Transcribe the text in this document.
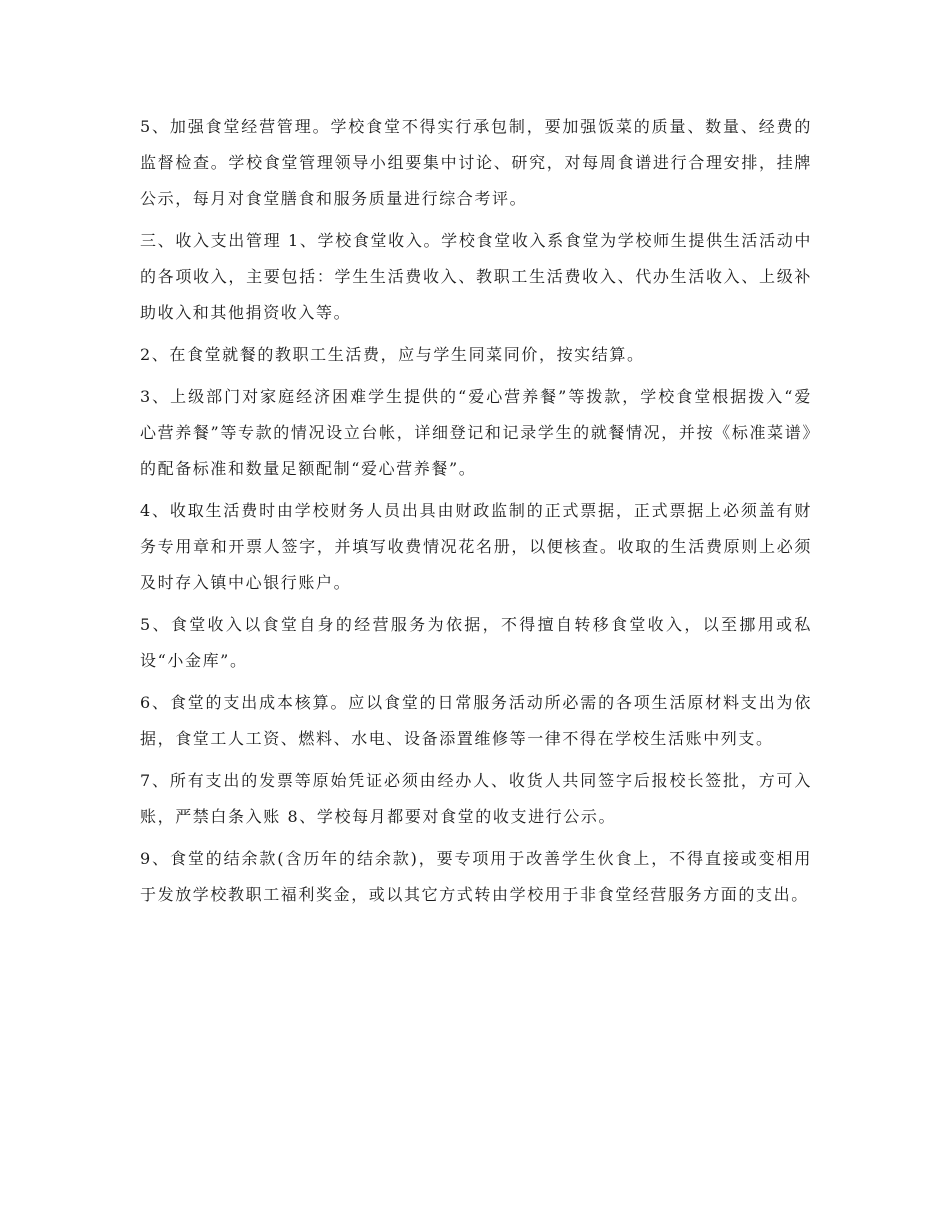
5、加强食堂经营管理。学校食堂不得实行承包制，要加强饭菜的质量、数量、经费的监督检查。学校食堂管理领导小组要集中讨论、研究，对每周食谱进行合理安排，挂牌公示，每月对食堂膳食和服务质量进行综合考评。

三、收入支出管理 1、学校食堂收入。学校食堂收入系食堂为学校师生提供生活活动中的各项收入，主要包括：学生生活费收入、教职工生活费收入、代办生活收入、上级补助收入和其他捐资收入等。

2、在食堂就餐的教职工生活费，应与学生同菜同价，按实结算。

3、上级部门对家庭经济困难学生提供的“爱心营养餐”等拨款，学校食堂根据拨入“爱心营养餐”等专款的情况设立台帐，详细登记和记录学生的就餐情况，并按《标准菜谱》的配备标准和数量足额配制“爱心营养餐”。

4、收取生活费时由学校财务人员出具由财政监制的正式票据，正式票据上必须盖有财务专用章和开票人签字，并填写收费情况花名册，以便核查。收取的生活费原则上必须及时存入镇中心银行账户。

5、食堂收入以食堂自身的经营服务为依据，不得擅自转移食堂收入，以至挪用或私设“小金库”。

6、食堂的支出成本核算。应以食堂的日常服务活动所必需的各项生活原材料支出为依据，食堂工人工资、燃料、水电、设备添置维修等一律不得在学校生活账中列支。

7、所有支出的发票等原始凭证必须由经办人、收货人共同签字后报校长签批，方可入账，严禁白条入账 8、学校每月都要对食堂的收支进行公示。

9、食堂的结余款(含历年的结余款)，要专项用于改善学生伙食上，不得直接或变相用于发放学校教职工福利奖金，或以其它方式转由学校用于非食堂经营服务方面的支出。
